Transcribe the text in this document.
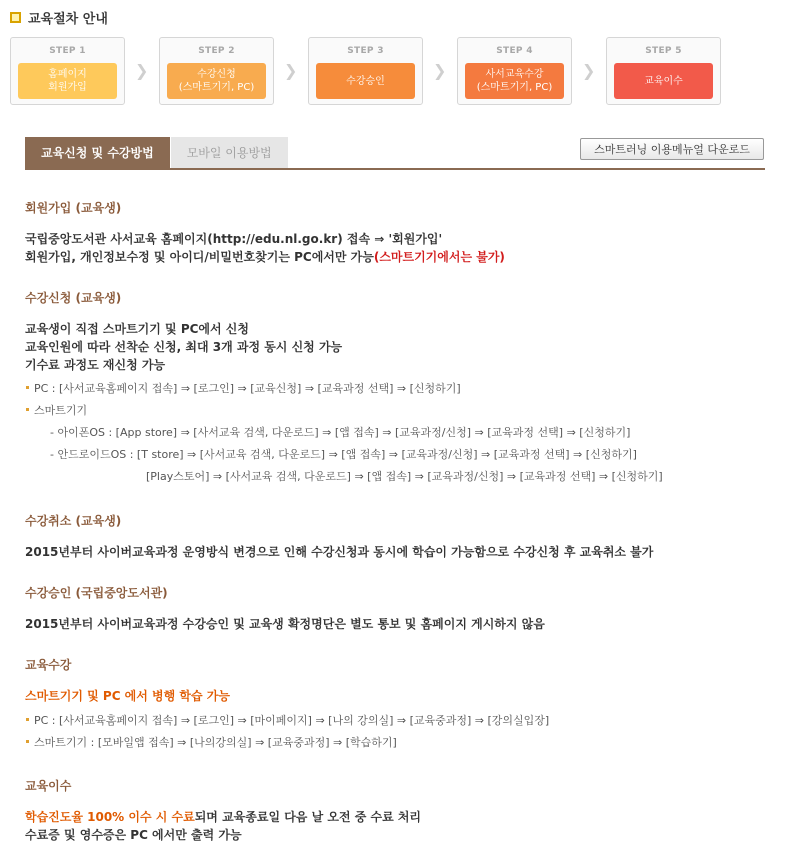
교육절차 안내
STEP 1
홈페이지
회원가입
❯
STEP 2
수강신청
(스마트기기, PC)
❯
STEP 3
수강승인
❯
STEP 4
사서교육수강
(스마트기기, PC)
❯
STEP 5
교육이수
교육신청 및 수강방법	모바일 이용방법	스마트러닝 이용메뉴얼 다운로드
회원가입 (교육생)
국립중앙도서관 사서교육 홈페이지(http://edu.nl.go.kr) 접속 ⇒ '회원가입'
회원가입, 개인정보수정 및 아이디/비밀번호찾기는 PC에서만 가능(스마트기기에서는 불가)
수강신청 (교육생)
교육생이 직접 스마트기기 및 PC에서 신청
교육인원에 따라 선착순 신청, 최대 3개 과정 동시 신청 가능
기수료 과정도 재신청 가능
PC : [사서교육홈페이지 접속] ⇒ [로그인] ⇒ [교육신청] ⇒ [교육과정 선택] ⇒ [신청하기]
스마트기기
- 아이폰OS : [App store] ⇒ [사서교육 검색, 다운로드] ⇒ [앱 접속] ⇒ [교육과정/신청] ⇒ [교육과정 선택] ⇒ [신청하기]
- 안드로이드OS : [T store] ⇒ [사서교육 검색, 다운로드] ⇒ [앱 접속] ⇒ [교육과정/신청] ⇒ [교육과정 선택] ⇒ [신청하기]
[Play스토어] ⇒ [사서교육 검색, 다운로드] ⇒ [앱 접속] ⇒ [교육과정/신청] ⇒ [교육과정 선택] ⇒ [신청하기]
수강취소 (교육생)
2015년부터 사이버교육과정 운영방식 변경으로 인해 수강신청과 동시에 학습이 가능함으로 수강신청 후 교육취소 불가
수강승인 (국립중앙도서관)
2015년부터 사이버교육과정 수강승인 및 교육생 확정명단은 별도 통보 및 홈페이지 게시하지 않음
교육수강
스마트기기 및 PC 에서 병행 학습 가능
PC : [사서교육홈페이지 접속] ⇒ [로그인] ⇒ [마이페이지] ⇒ [나의 강의실] ⇒ [교육중과정] ⇒ [강의실입장]
스마트기기 : [모바일앱 접속] ⇒ [나의강의실] ⇒ [교육중과정] ⇒ [학습하기]
교육이수
학습진도율 100% 이수 시 수료되며 교육종료일 다음 날 오전 중 수료 처리
수료증 및 영수증은 PC 에서만 출력 가능
